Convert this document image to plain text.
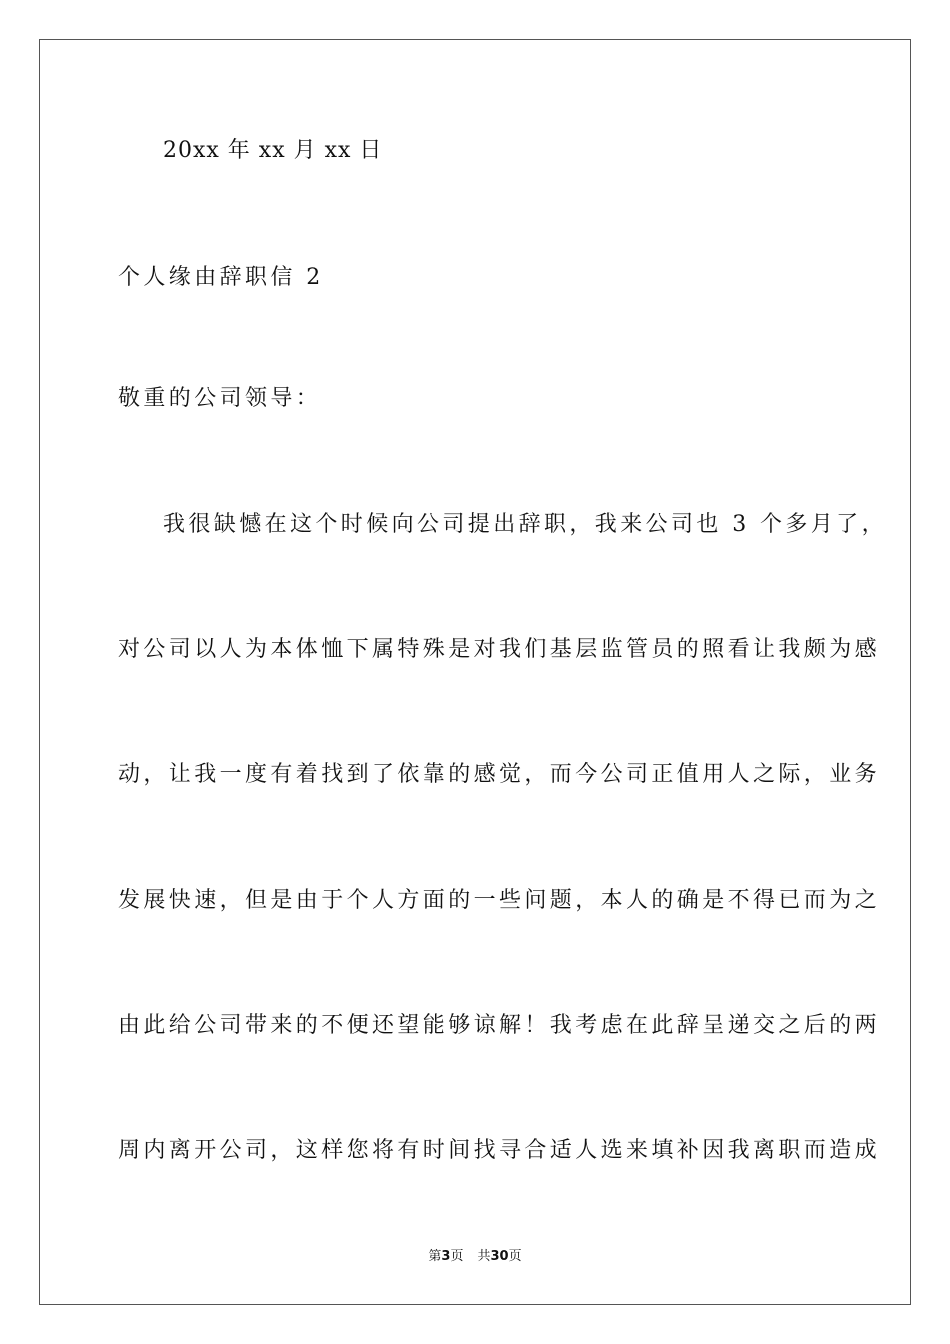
20xx 年 xx 月 xx 日
个人缘由辞职信 2
敬重的公司领导：
我很缺憾在这个时候向公司提出辞职，我来公司也 3 个多月了，
对公司以人为本体恤下属特殊是对我们基层监管员的照看让我颇为感
动，让我一度有着找到了依靠的感觉，而今公司正值用人之际，业务
发展快速，但是由于个人方面的一些问题，本人的确是不得已而为之
由此给公司带来的不便还望能够谅解！我考虑在此辞呈递交之后的两
周内离开公司，这样您将有时间找寻合适人选来填补因我离职而造成
第3页 共30页
